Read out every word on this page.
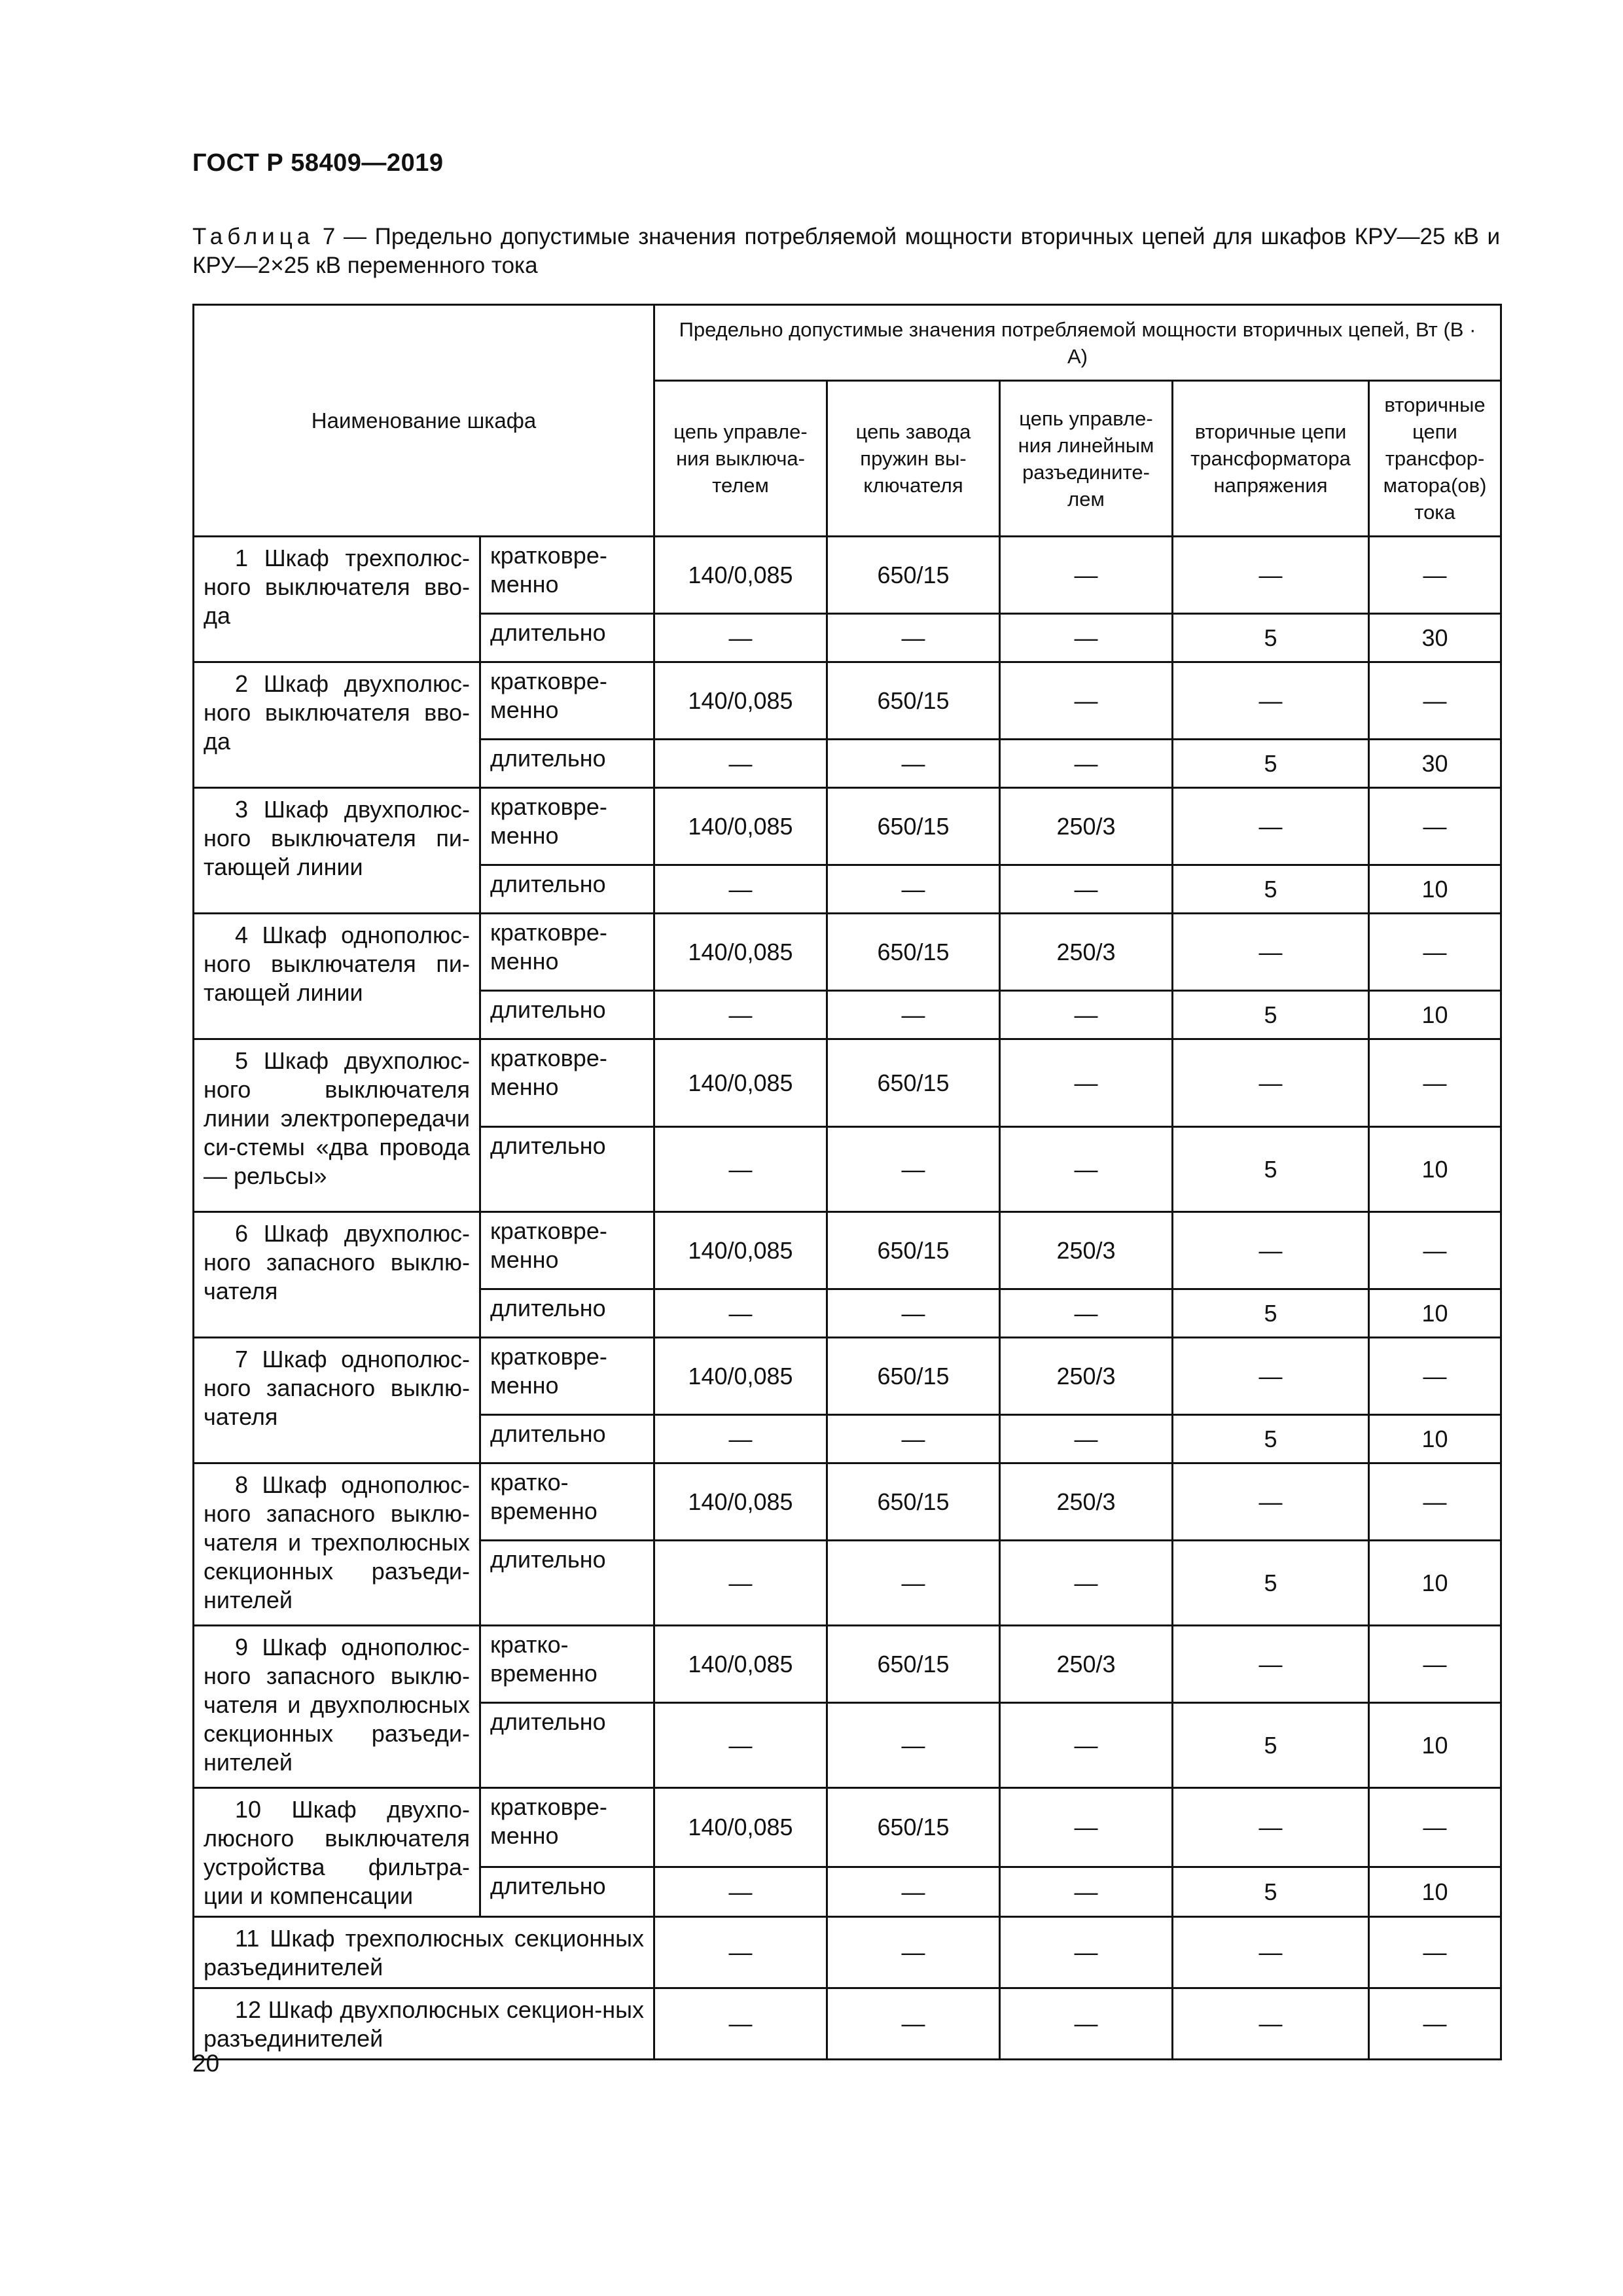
ГОСТ Р 58409—2019
Таблица 7 — Предельно допустимые значения потребляемой мощности вторичных цепей для шкафов КРУ—25 кВ и КРУ—2×25 кВ переменного тока
Наименование шкафа		Предельно допустимые значения потребляемой мощности вторичных цепей, Вт (В · А)				
		цепь управле-ния выключа-телем	цепь завода пружин вы-ключателя	цепь управле-ния линейным разъедините-лем	вторичные цепи трансформатора напряжения	вторичные цепи трансфор-матора(ов) тока

1 Шкаф трехполюс-ного выключателя вво-да	кратковре-менно	140/0,085	650/15	—	—	—
	длительно	—	—	—	5	30

2 Шкаф двухполюс-ного выключателя вво-да	кратковре-менно	140/0,085	650/15	—	—	—
	длительно	—	—	—	5	30

3 Шкаф двухполюс-ного выключателя пи-тающей линии	кратковре-менно	140/0,085	650/15	250/3	—	—
	длительно	—	—	—	5	10

4 Шкаф однополюс-ного выключателя пи-тающей линии	кратковре-менно	140/0,085	650/15	250/3	—	—
	длительно	—	—	—	5	10

5 Шкаф двухполюс-ного выключателя линии электропередачи си-стемы «два провода — рельсы»	кратковре-менно	140/0,085	650/15	—	—	—
	длительно	—	—	—	5	10

6 Шкаф двухполюс-ного запасного выклю-чателя	кратковре-менно	140/0,085	650/15	250/3	—	—
	длительно	—	—	—	5	10

7 Шкаф однополюс-ного запасного выклю-чателя	кратковре-менно	140/0,085	650/15	250/3	—	—
	длительно	—	—	—	5	10

8 Шкаф однополюс-ного запасного выклю-чателя и трехполюсных секционных разъеди-нителей	кратко-временно	140/0,085	650/15	250/3	—	—
	длительно	—	—	—	5	10

9 Шкаф однополюс-ного запасного выклю-чателя и двухполюсных секционных разъеди-нителей	кратко-временно	140/0,085	650/15	250/3	—	—
	длительно	—	—	—	5	10

10 Шкаф двухпо-люсного выключателя устройства фильтра-ции и компенсации	кратковре-менно	140/0,085	650/15	—	—	—
	длительно	—	—	—	5	10

11 Шкаф трехполюсных секционных разъединителей		—	—	—	—	—

12 Шкаф двухполюсных секцион-ных разъединителей		—	—	—	—	—
20
